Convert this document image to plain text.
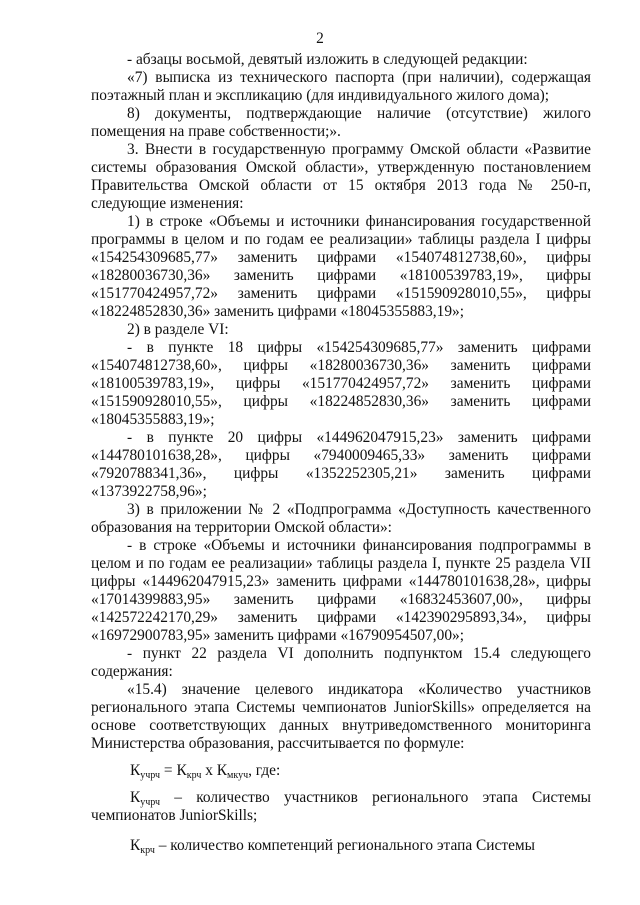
2

- абзацы восьмой, девятый изложить в следующей редакции:

«7) выписка из технического паспорта (при наличии), содержащая поэтажный план и экспликацию (для индивидуального жилого дома);

8) документы, подтверждающие наличие (отсутствие) жилого помещения на праве собственности;».

3. Внести в государственную программу Омской области «Развитие системы образования Омской области», утвержденную постановлением Правительства Омской области от 15 октября 2013 года № 250-п, следующие изменения:

1) в строке «Объемы и источники финансирования государственной программы в целом и по годам ее реализации» таблицы раздела I цифры «154254309685,77» заменить цифрами «154074812738,60», цифры «18280036730,36» заменить цифрами «18100539783,19», цифры «151770424957,72» заменить цифрами «151590928010,55», цифры «18224852830,36» заменить цифрами «18045355883,19»;

2) в разделе VI:

- в пункте 18 цифры «154254309685,77» заменить цифрами «154074812738,60», цифры «18280036730,36» заменить цифрами «18100539783,19», цифры «151770424957,72» заменить цифрами «151590928010,55», цифры «18224852830,36» заменить цифрами «18045355883,19»;

- в пункте 20 цифры «144962047915,23» заменить цифрами «144780101638,28», цифры «7940009465,33» заменить цифрами «7920788341,36», цифры «1352252305,21» заменить цифрами «1373922758,96»;

3) в приложении № 2 «Подпрограмма «Доступность качественного образования на территории Омской области»:

- в строке «Объемы и источники финансирования подпрограммы в целом и по годам ее реализации» таблицы раздела I, пункте 25 раздела VII цифры «144962047915,23» заменить цифрами «144780101638,28», цифры «17014399883,95» заменить цифрами «16832453607,00», цифры «142572242170,29» заменить цифрами «142390295893,34», цифры «16972900783,95» заменить цифрами «16790954507,00»;

- пункт 22 раздела VI дополнить подпунктом 15.4 следующего содержания:

«15.4) значение целевого индикатора «Количество участников регионального этапа Системы чемпионатов JuniorSkills» определяется на основе соответствующих данных внутриведомственного мониторинга Министерства образования, рассчитывается по формуле:

$К_{учрч} = К_{крч}$ х $К_{мкуч}$, где:

$К_{учрч}$ – количество участников регионального этапа Системы чемпионатов JuniorSkills;

$К_{крч}$ – количество компетенций регионального этапа Системы
